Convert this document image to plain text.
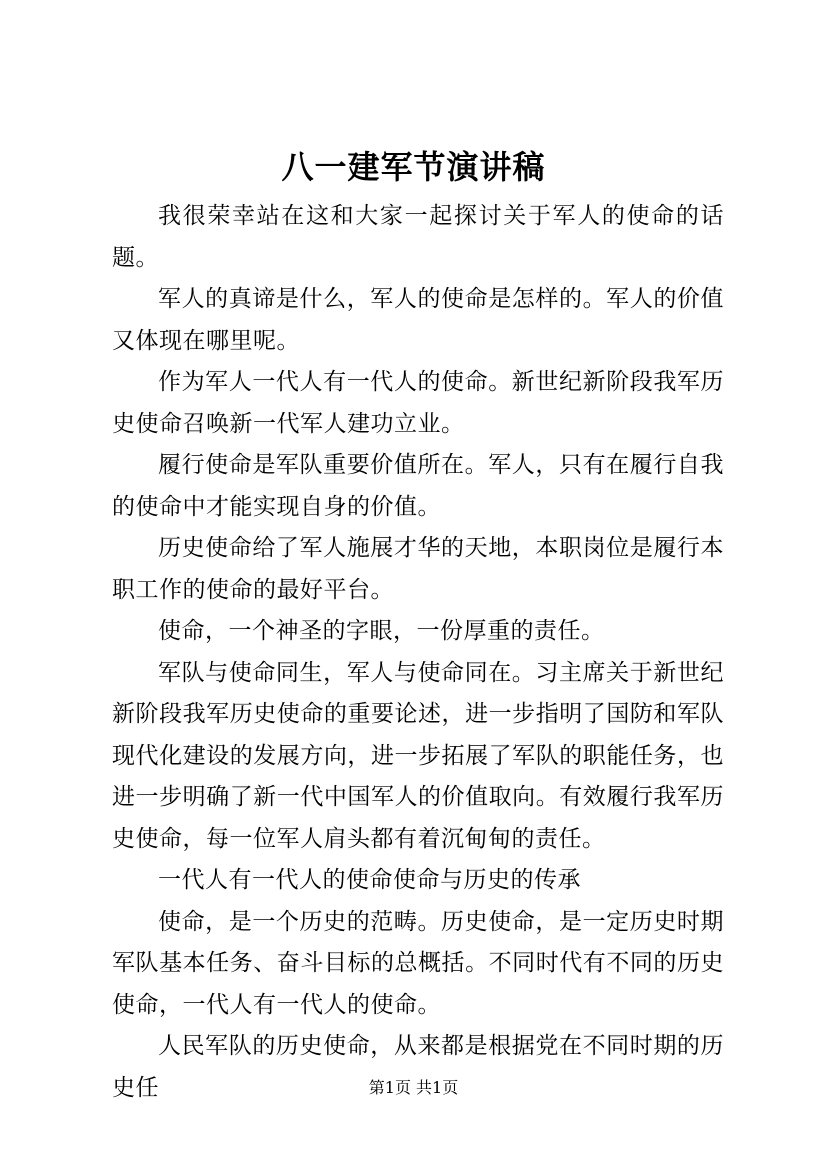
八一建军节演讲稿

我很荣幸站在这和大家一起探讨关于军人的使命的话题。

军人的真谛是什么，军人的使命是怎样的。军人的价值又体现在哪里呢。

作为军人一代人有一代人的使命。新世纪新阶段我军历史使命召唤新一代军人建功立业。

履行使命是军队重要价值所在。军人，只有在履行自我的使命中才能实现自身的价值。

历史使命给了军人施展才华的天地，本职岗位是履行本职工作的使命的最好平台。

使命，一个神圣的字眼，一份厚重的责任。

军队与使命同生，军人与使命同在。习主席关于新世纪新阶段我军历史使命的重要论述，进一步指明了国防和军队现代化建设的发展方向，进一步拓展了军队的职能任务，也进一步明确了新一代中国军人的价值取向。有效履行我军历史使命，每一位军人肩头都有着沉甸甸的责任。

一代人有一代人的使命使命与历史的传承

使命，是一个历史的范畴。历史使命，是一定历史时期军队基本任务、奋斗目标的总概括。不同时代有不同的历史使命，一代人有一代人的使命。

人民军队的历史使命，从来都是根据党在不同时期的历史任	第1页 共1页
